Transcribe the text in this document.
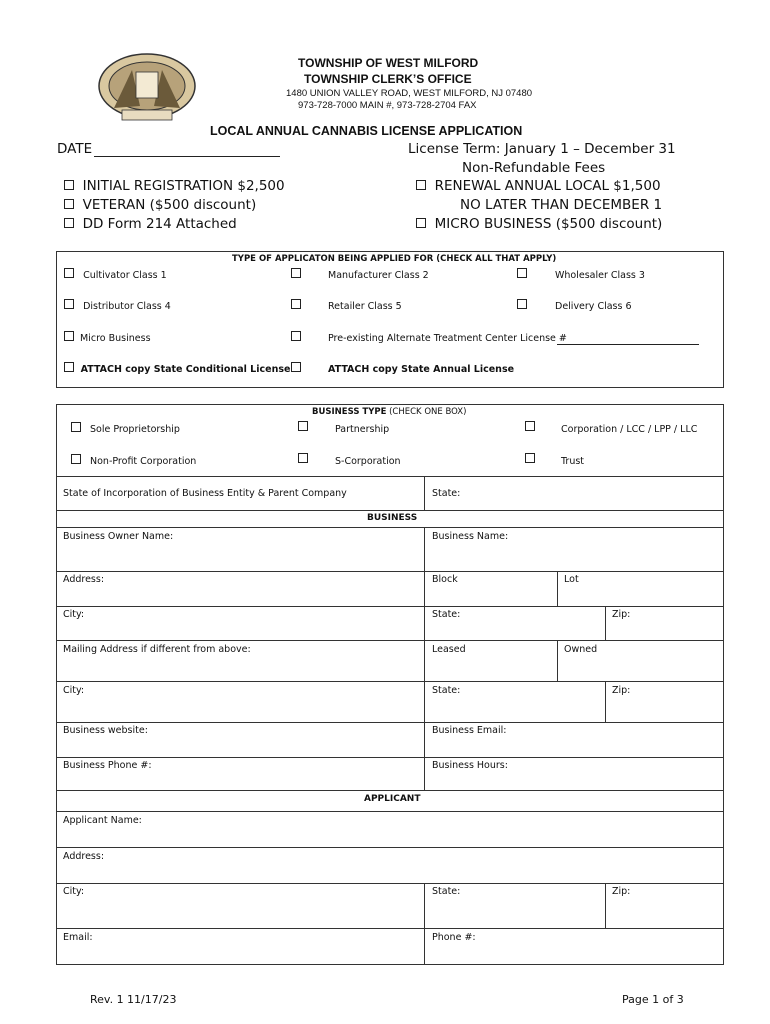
TOWNSHIP OF WEST MILFORD
TOWNSHIP CLERK’S OFFICE
1480 UNION VALLEY ROAD, WEST MILFORD, NJ 07480
973-728-7000 MAIN #, 973-728-2704 FAX
LOCAL ANNUAL CANNABIS LICENSE APPLICATION
DATE	License Term: January 1 – December 31
Non-Refundable Fees
INITIAL REGISTRATION $2,500
VETERAN ($500 discount)
DD Form 214 Attached
RENEWAL ANNUAL LOCAL $1,500
NO LATER THAN DECEMBER 1
MICRO BUSINESS ($500 discount)
TYPE OF APPLICATON BEING APPLIED FOR (CHECK ALL THAT APPLY)
Cultivator Class 1	Manufacturer Class 2	Wholesaler Class 3
Distributor Class 4	Retailer Class 5	Delivery Class 6
Micro Business	Pre-existing Alternate Treatment Center License #
ATTACH copy State Conditional License	ATTACH copy State Annual License
BUSINESS TYPE (CHECK ONE BOX)
Sole Proprietorship	Partnership	Corporation / LCC / LPP / LLC
Non-Profit Corporation	S-Corporation	Trust
State of Incorporation of Business Entity & Parent Company	State:
BUSINESS
Business Owner Name:	Business Name:
Address:	Block	Lot
City:	State:	Zip:
Mailing Address if different from above:	Leased	Owned
City:	State:	Zip:
Business website:	Business Email:
Business Phone #:	Business Hours:
APPLICANT
Applicant Name:
Address:
City:	State:	Zip:
Email:	Phone #:
Rev. 1 11/17/23	Page 1 of 3
